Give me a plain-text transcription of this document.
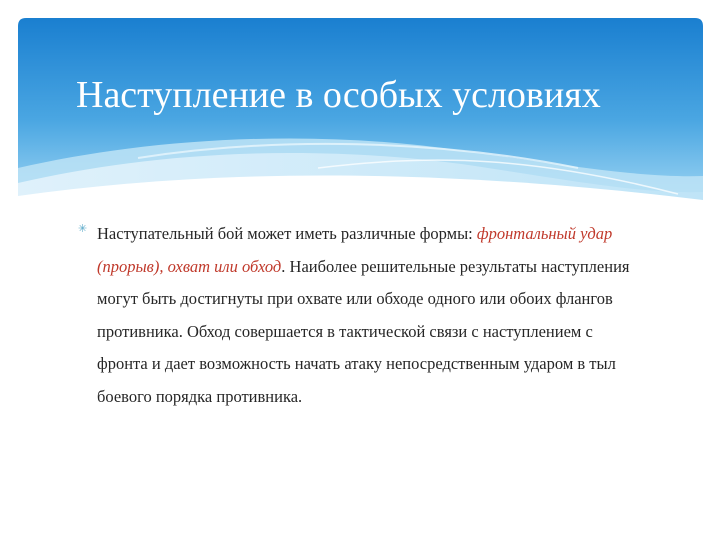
Наступление в особых условиях
✳ Наступательный бой может иметь различные формы: фронтальный удар (прорыв), охват или обход. Наиболее решительные результаты наступления могут быть достигнуты при охвате или обходе одного или обоих флангов противника. Обход совершается в тактической связи с наступлением с фронта и дает возможность начать атаку непосредственным ударом в тыл боевого порядка противника.
